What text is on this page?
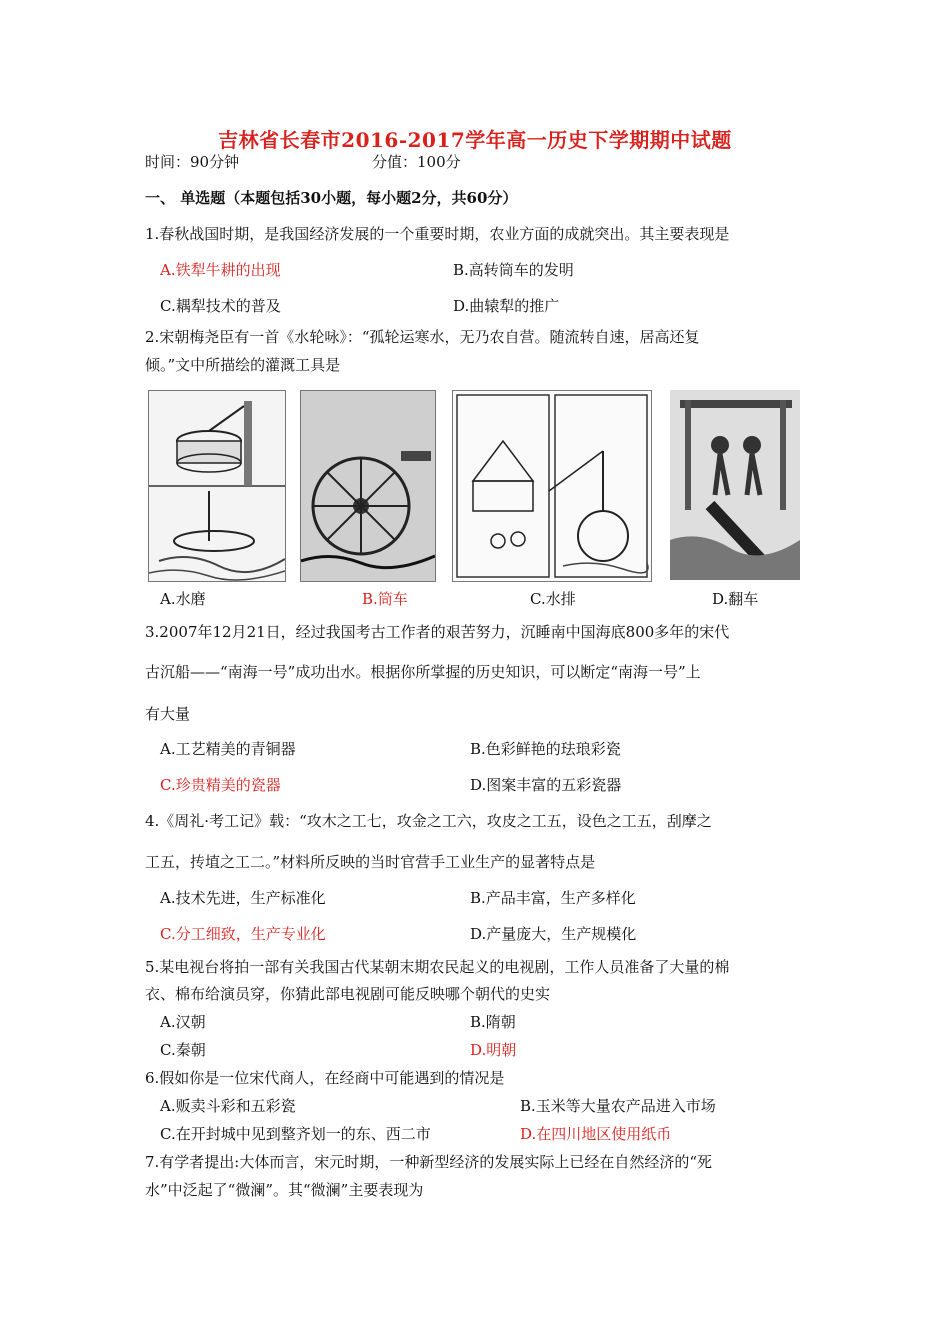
吉林省长春市2016-2017学年高一历史下学期期中试题
时间：90分钟	分值：100分
一、 单选题（本题包括30小题，每小题2分，共60分）
1.春秋战国时期，是我国经济发展的一个重要时期，农业方面的成就突出。其主要表现是
A.铁犁牛耕的出现	B.高转筒车的发明
C.耦犁技术的普及	D.曲辕犁的推广
2.宋朝梅尧臣有一首《水轮咏》：“孤轮运寒水，无乃农自营。随流转自速，居高还复
倾。”文中所描绘的灌溉工具是
A.水磨	B.筒车	C.水排	D.翻车
3.2007年12月21日，经过我国考古工作者的艰苦努力，沉睡南中国海底800多年的宋代
古沉船——“南海一号”成功出水。根据你所掌握的历史知识，可以断定“南海一号”上
有大量
A.工艺精美的青铜器	B.色彩鲜艳的珐琅彩瓷
C.珍贵精美的瓷器	D.图案丰富的五彩瓷器
4.《周礼·考工记》载：“攻木之工七，攻金之工六，攻皮之工五，设色之工五，刮摩之
工五，抟埴之工二。”材料所反映的当时官营手工业生产的显著特点是
A.技术先进，生产标准化	B.产品丰富，生产多样化
C.分工细致，生产专业化	D.产量庞大，生产规模化
5.某电视台将拍一部有关我国古代某朝末期农民起义的电视剧，工作人员准备了大量的棉
衣、棉布给演员穿，你猜此部电视剧可能反映哪个朝代的史实
A.汉朝	B.隋朝
C.秦朝	D.明朝
6.假如你是一位宋代商人，在经商中可能遇到的情况是
A.贩卖斗彩和五彩瓷	B.玉米等大量农产品进入市场
C.在开封城中见到整齐划一的东、西二市	D.在四川地区使用纸币
7.有学者提出:大体而言，宋元时期，一种新型经济的发展实际上已经在自然经济的“死
水”中泛起了“微澜”。其“微澜”主要表现为
